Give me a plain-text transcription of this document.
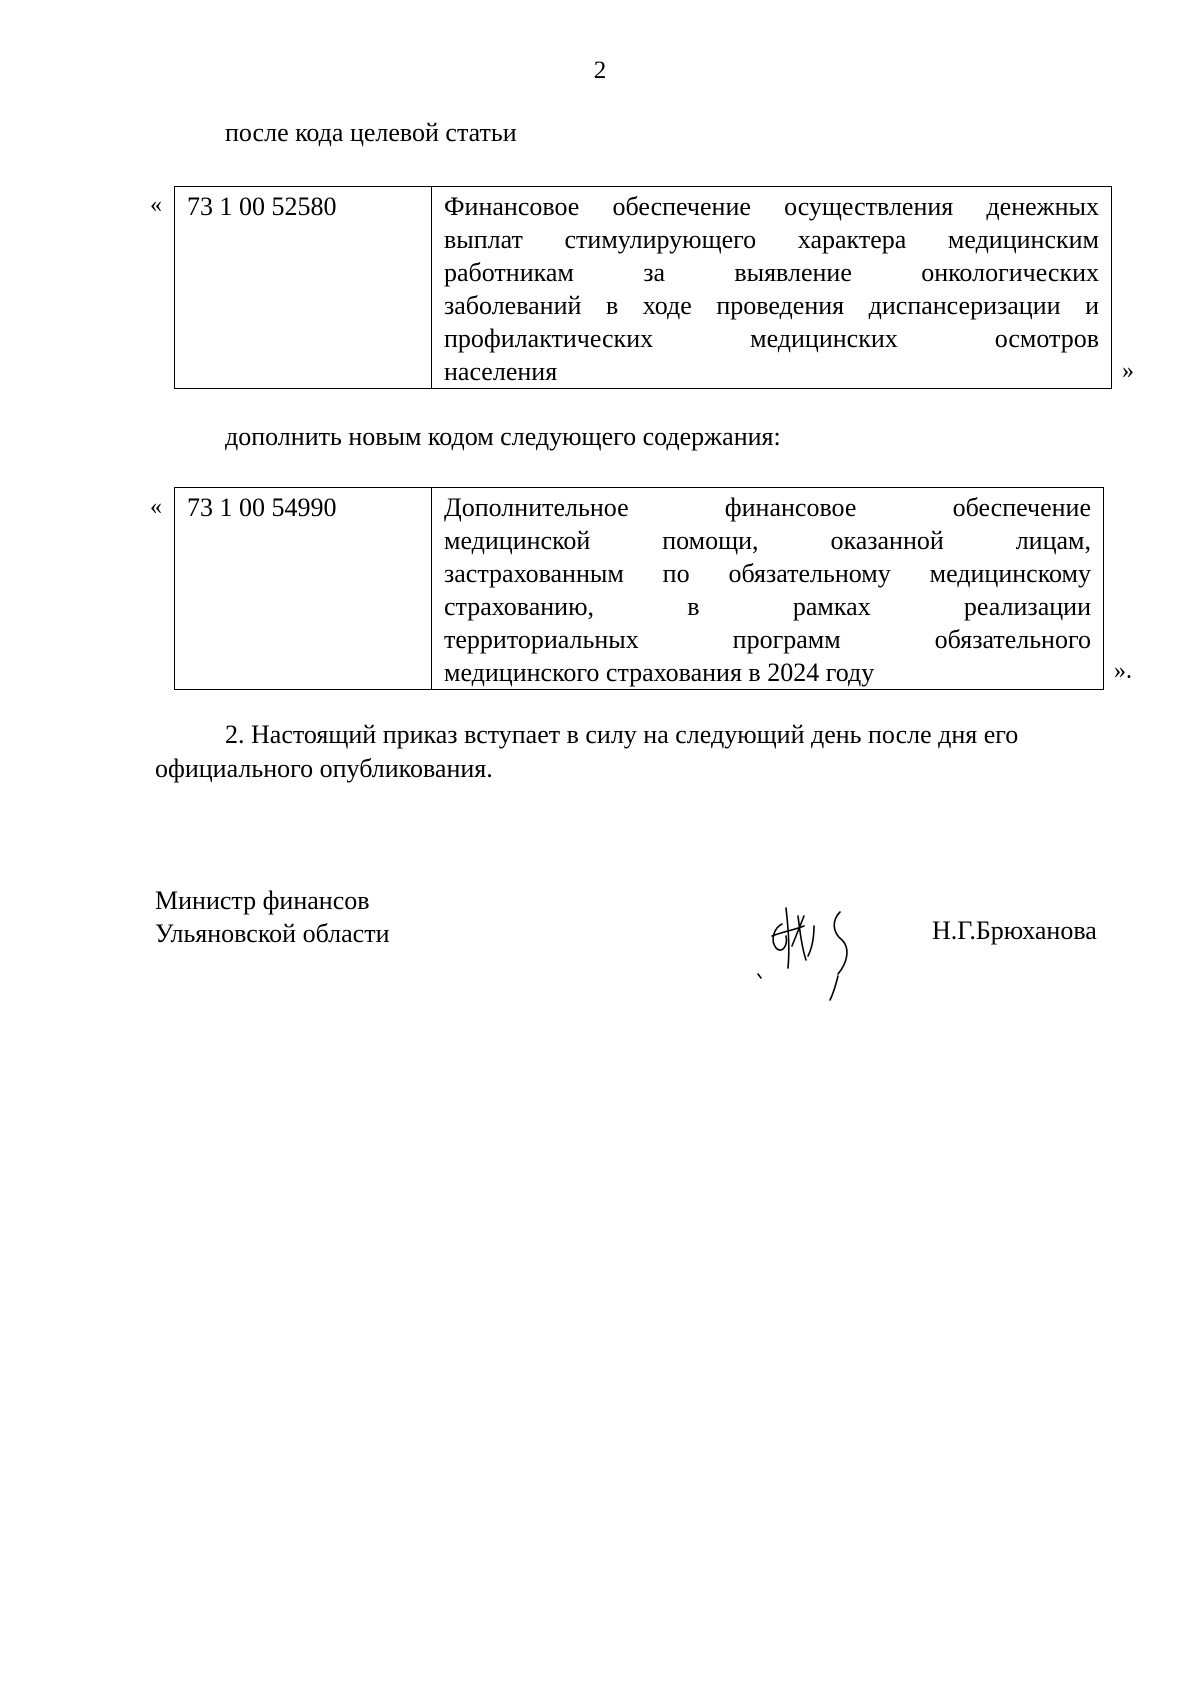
2
после кода целевой статьи
« 73 1 00 52580	Финансовое обеспечение осуществления денежных
выплат стимулирующего характера медицинским
работникам за выявление онкологических
заболеваний в ходе проведения диспансеризации и
профилактических медицинских осмотров
населения	»
дополнить новым кодом следующего содержания:
« 73 1 00 54990	Дополнительное финансовое обеспечение
медицинской помощи, оказанной лицам,
застрахованным по обязательному медицинскому
страхованию, в рамках реализации
территориальных программ обязательного
медицинского страхования в 2024 году	».
2. Настоящий приказ вступает в силу на следующий день после дня его
официального опубликования.
Министр финансов
Ульяновской области	Н.Г.Брюханова
